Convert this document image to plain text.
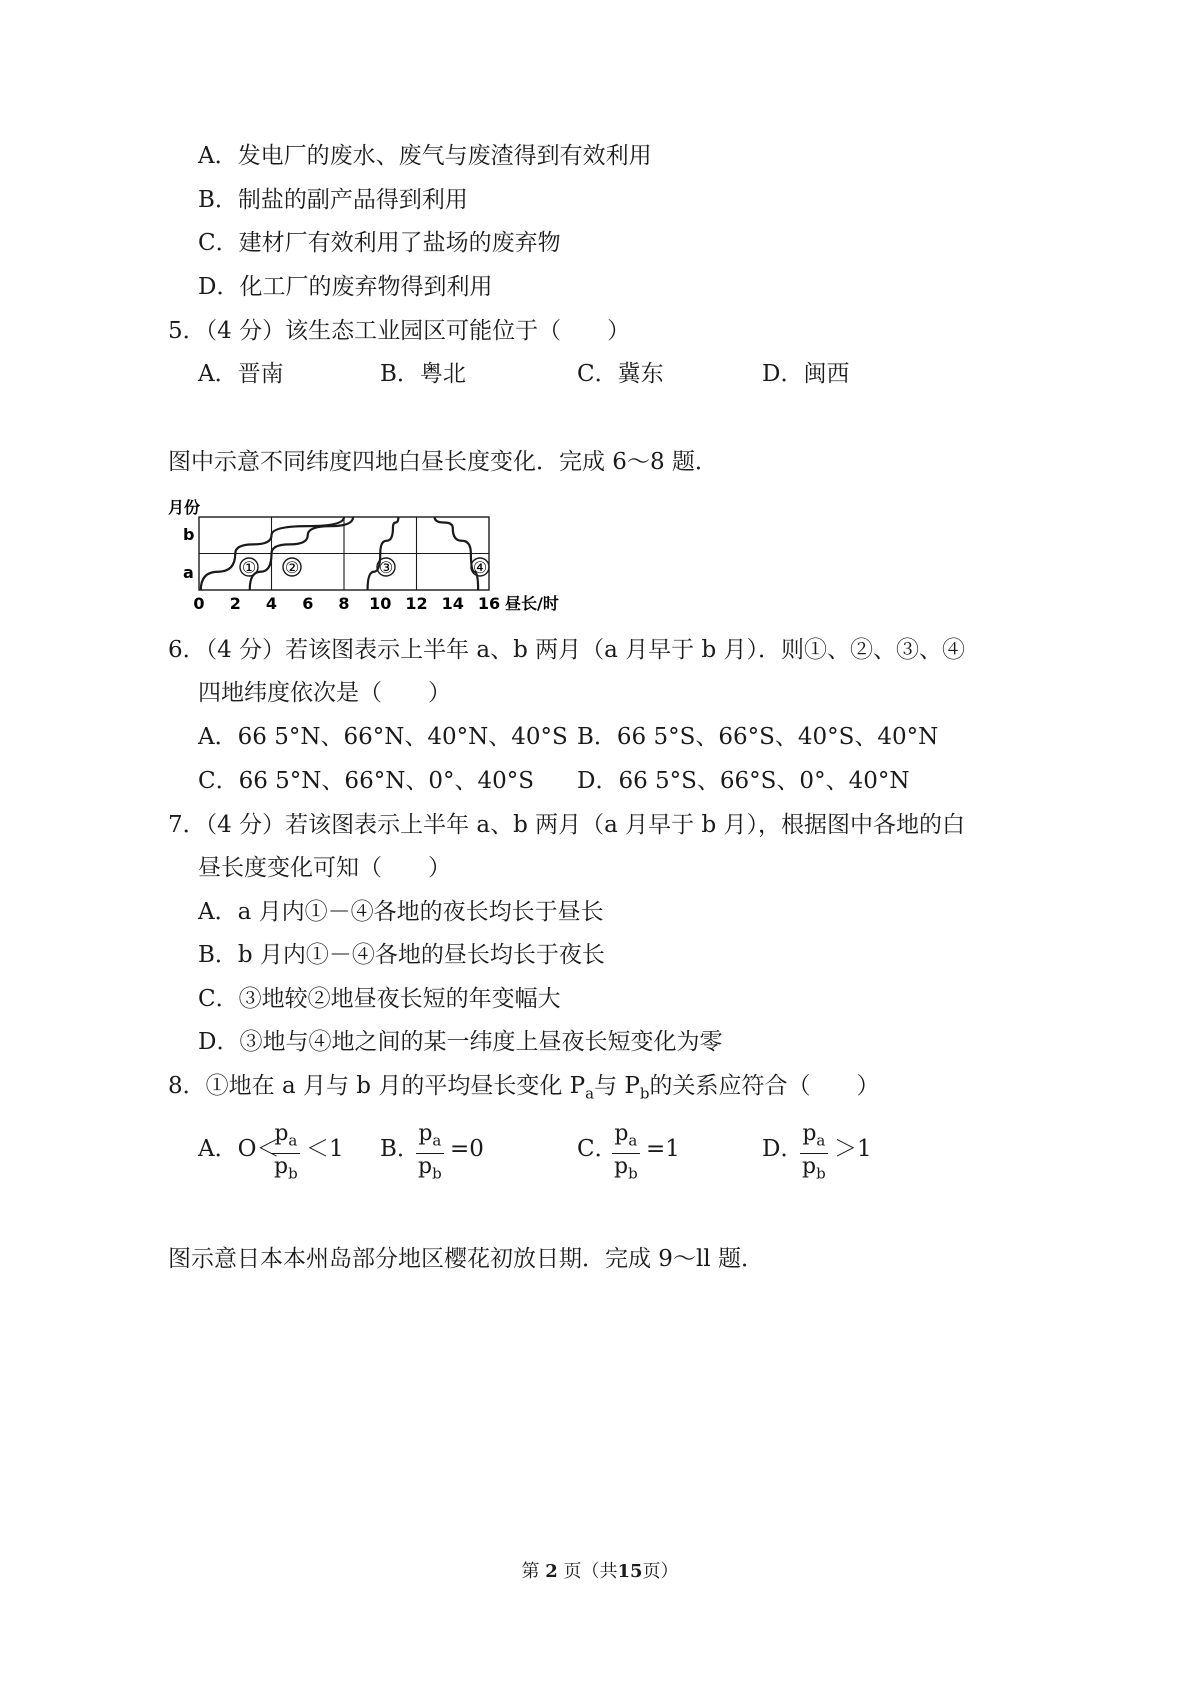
A．发电厂的废水、废气与废渣得到有效利用
B．制盐的副产品得到利用
C．建材厂有效利用了盐场的废弃物
D．化工厂的废弃物得到利用
5．（4 分）该生态工业园区可能位于（　　）
A．晋南	B．粤北	C．冀东	D．闽西
图中示意不同纬度四地白昼长度变化．完成 6～8 题．
月份
b
a
昼长/时
0 2 4 6 8 10 12 14 16
① ②	③	④
6．（4 分）若该图表示上半年 a、b 两月（a 月早于 b 月）．则①、②、③、④
四地纬度依次是（　　）
A．66 5°N、66°N、40°N、40°S B．66 5°S、66°S、40°S、40°N
C．66 5°N、66°N、0°、40°S D．66 5°S、66°S、0°、40°N
7．（4 分）若该图表示上半年 a、b 两月（a 月早于 b 月），根据图中各地的白
昼长度变化可知（　　）
A．a 月内①－④各地的夜长均长于昼长
B．b 月内①－④各地的昼长均长于夜长
C．③地较②地昼夜长短的年变幅大
D．③地与④地之间的某一纬度上昼夜长短变化为零
8．①地在 a 月与 b 月的平均昼长变化 $P_a$与 $P_b$的关系应符合（　　）
A．O＜
$\frac{p_a}{p_b} <1$ B．
$\frac{p_a}{p_b} =0$	C．
$\frac{p_a}{p_b} =1$	D．
$\frac{p_a}{p_b} >1$
图示意日本本州岛部分地区樱花初放日期．完成 9～ll 题．
第 2 页（共15页）
